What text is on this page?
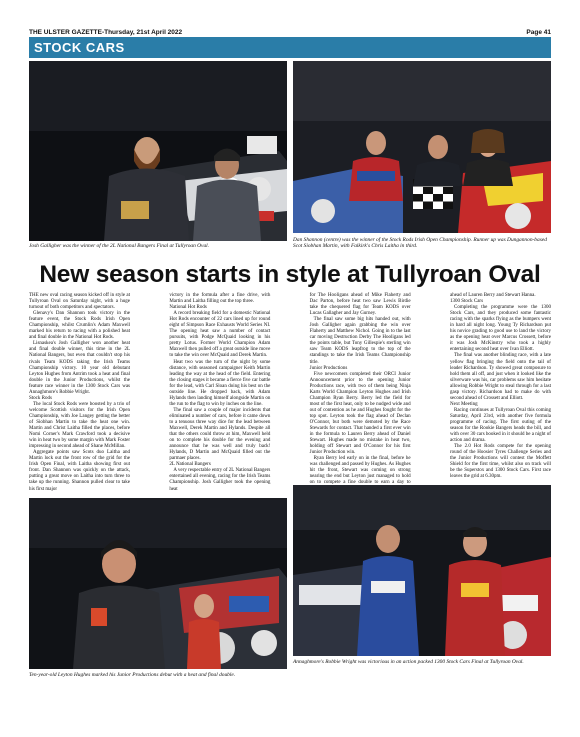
THE ULSTER GAZETTE-Thursday, 21st April 2022	Page 41
STOCK CARS
Josh Galligher was the winner of the 2L National Bangers Final at Tullyroan Oval.
Dan Shannon (centre) was the winner of the Stock Rods Irish Open Championship. Runner up was Dungannon-based Scot Siobhan Martin, with Falkirk's Chris Laitha in third.
New season starts in style at Tullyroan Oval

THE new oval racing season kicked off in style at Tullyroan Oval on Saturday night, with a huge turnout of both competitors and spectators.

Glenavy's Dan Shannon took victory in the feature event, the Stock Rods Irish Open Championship, whilst Crumlin's Adam Maxwell marked his return to racing with a polished heat and final double in the National Hot Rods.

Lisnaskea's Josh Galligher won another heat and final double winner, this time in the 2L National Bangers, but even that couldn't stop his rivals Team KODS taking the Irish Teams Championship victory. 10 year old debutant Leyton Hughes from Antrim took a heat and final double in the Junior Productions, whilst the feature race winner in the 1300 Stock Cars was Annaghmore's Robbie Wright.

Stock Rods

The local Stock Rods were boosted by a trio of welcome Scottish visitors for the Irish Open Championship, with Joe Langey getting the better of Siobhan Martin to take the heat one win. Martin and Christ Laitha filled the places, before Nomi Corner's Mark Crawford took a decisive win in heat two by some margin with Mark Foster impressing in second ahead of Shane McMillan.

Aggregate points saw Scots duo Laitha and Martin lock out the front row of the grid for the Irish Open Final, with Laitha showing first out front. Dan Shannon was quickly on the attack, putting a great move on Laitha into turn three to take up the running. Shannon pulled clear to take his first major

victory in the formula after a fine drive, with Martin and Laitha filling out the top three.

National Hot Rods

A record breaking field for a domestic National Hot Rods encounter of 22 cars lined up for round eight of Simpson Race Exhausts World Series NI. The opening heat saw a number of contact pursuits, with Podge McQuaid looking in his pretty Lotus. Former World Champion Adam Maxwell then pulled off a great outside line move to take the win over McQuaid and Derek Martin.

Heat two was the turn of the night by some distance, with seasoned campaigner Keith Martin leading the way at the head of the field. Entering the closing stages it became a fierce five car battle for the lead, with Carl Sloan doing his best on the outside line. He dropped back, with Adam Hylands then landing himself alongside Martin on the run to the flag to win by inches on the line.

The final saw a couple of major incidents that eliminated a number of cars, before it came down to a tenuous three way dice for the lead between Maxwell, Derek Martin and Hylands. Despite all that the others could throw at him, Maxwell held on to complete his double for the evening and announce that he was well and truly back! Hylands, D Martin and McQuaid filled out the parmaer places.

2L National Bangers

A very respectable entry of 2L National Bangers entertained all evening, racing for the Irish Teams Championship. Josh Galligher took the opening heat

for The Hooligans ahead of Mike Flaherty and Dac Parton, before heat two saw Lewis Birdie take the chequered flag for Team KODS over Lucas Gallagher and Jay Gurney.

The final saw some big hits handed out, with Josh Galligher again grabbing the win over Flaherty and Matthew Nichol. Going in to the last car moving Destruction Derby The Hooligans led the points table, but Tony Gillespie's sterling win saw Team KODS leapfrog to the top of the standings to take the Irish Teams Championship title.

Junior Productions

Five newcomers completed their ORCI Junior Announcement prior to the opening Junior Productions race, with two of them being Ninja Karts World Champion Leyton Hughes and Irish Champion Ryan Berry. Berry led the field for most of the first heat, only to be nudged wide and out of contention as he and Hughes fought for the top spot. Leyton took the flag ahead of Declan O'Connor, but both were demoted by the Race Stewards for contact. That handed a first ever win in the formula to Lauren Berry ahead of Daniel Stewart. Hughes made no mistake in heat two, holding off Stewart and O'Connor for his first Junior Production win.

Ryan Berry led early on in the final, before he was challenged and passed by Hughes. As Hughes hit the front, Stewart was coming on strong nearing the end but Leyton just managed to hold on to compete a fine double to earn a day to

ahead of Lauren Berry and Stewart Hanna.

1300 Stock Cars

Completing the programme were the 1300 Stock Cars, and they produced some fantastic racing with the sparks flying as the bumpers went in hard all night long. Young Ty Richardson put his novice grading to good use to land the victory as the opening heat over Marcus Crossett, before it was Josh McKinstry who took a highly entertaining second heat over Ivan Elliott.

The final was another blinding race, with a late yellow flag bringing the field onto the tail of leader Richardson. Ty showed great composure to hold them all off, and just when it looked like the silverware was his, car problems saw him hesitate allowing Robbie Wright to steal through for a last gasp victory. Richardson had to make do with second ahead of Crossett and Elliott.

Next Meeting

Racing continues at Tullyroan Oval this coming Saturday, April 23rd, with another five formula programme of racing. The first outing of the season for the Rookie Bangers heads the bill, and with over 30 cars booked in it should be a night of action and drama.

The 2.0 Hot Rods compete for the opening round of the Hoosier Tyres Challenge Series and the Junior Productions will contest the Moffett Shield for the first time, whilst also on track will be the Superstox and 1300 Stock Cars. First race leaves the grid at 6.30pm.

Ten-year-old Leyton Hughes marked his Junior Productions debut with a heat and final double.
Annaghmore's Robbie Wright was victorious in an action packed 1300 Stock Cars Final at Tullyroan Oval.
